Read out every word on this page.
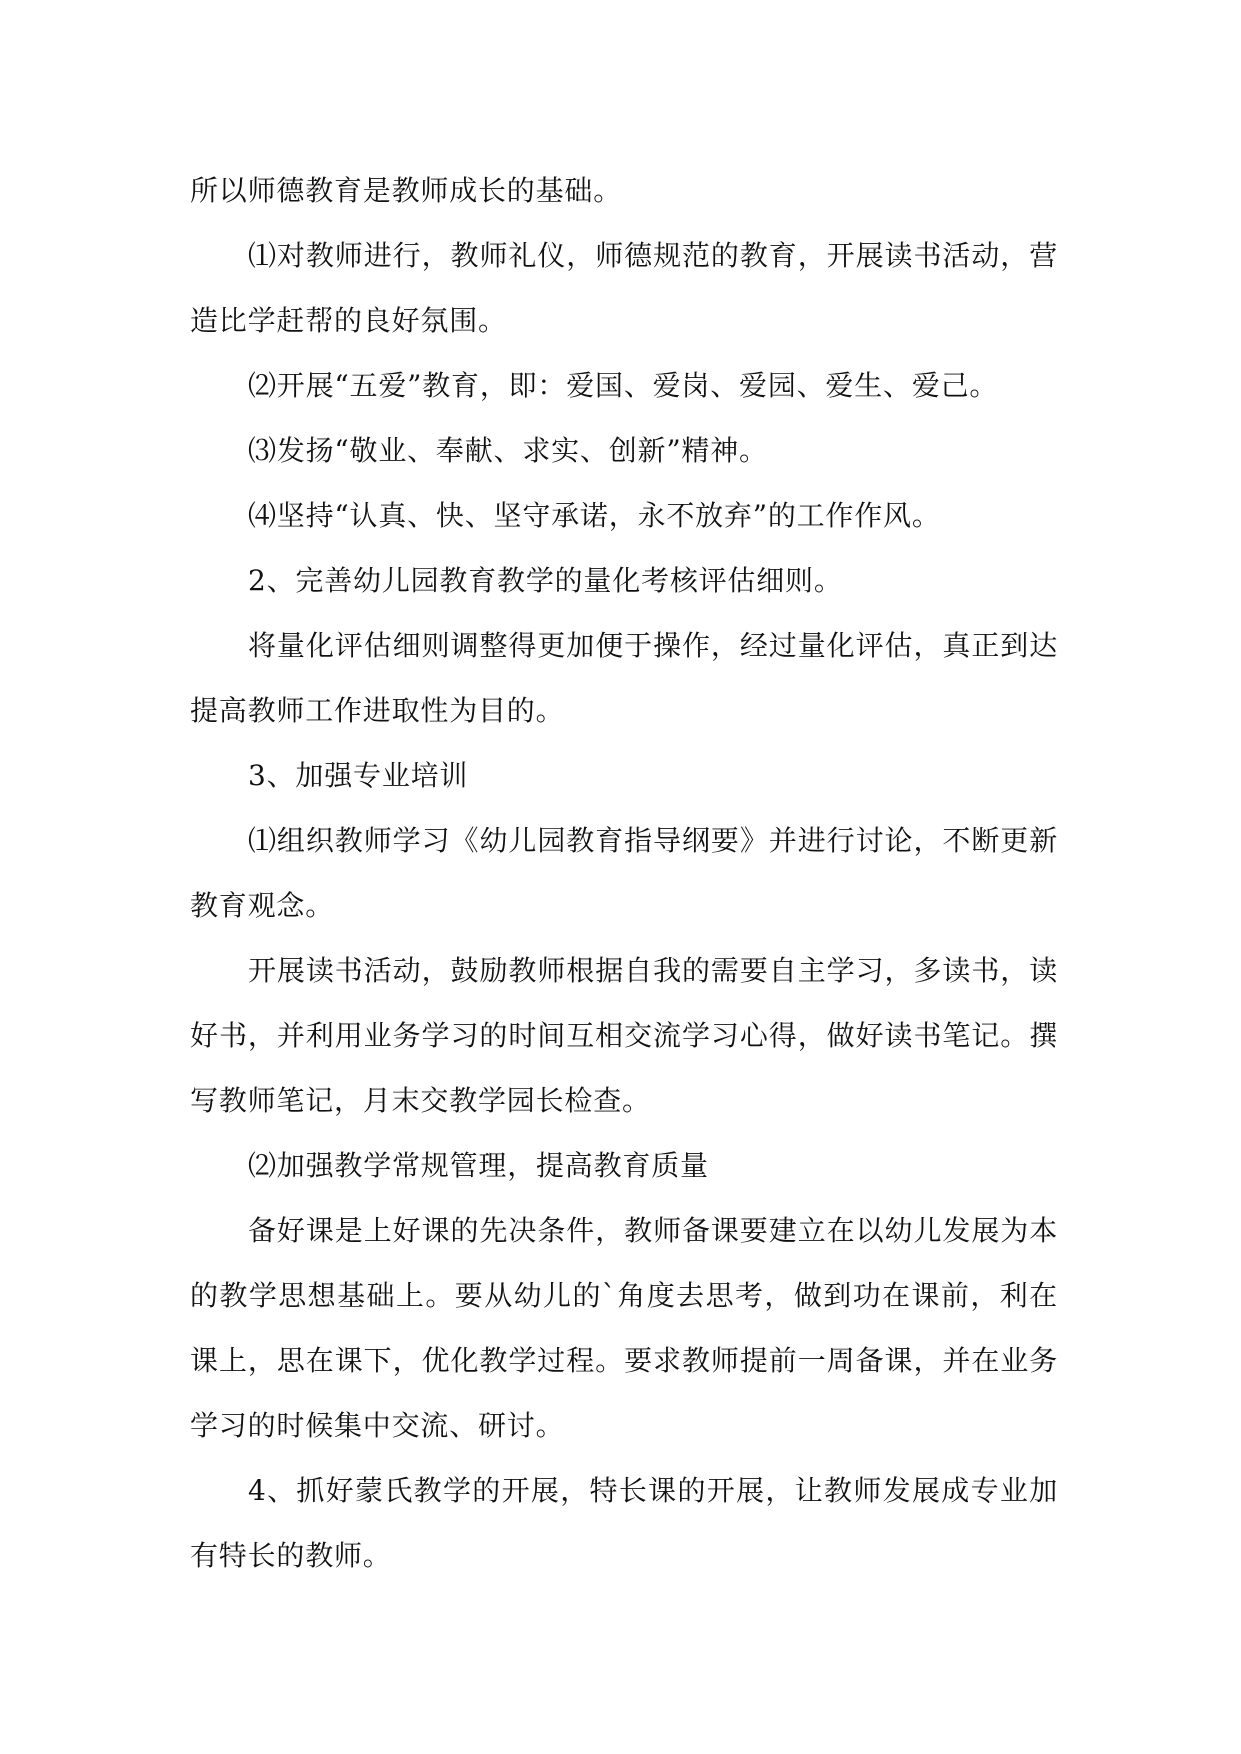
所以师德教育是教师成长的基础。

⑴对教师进行，教师礼仪，师德规范的教育，开展读书活动，营造比学赶帮的良好氛围。

⑵开展“五爱”教育，即：爱国、爱岗、爱园、爱生、爱己。

⑶发扬“敬业、奉献、求实、创新”精神。

⑷坚持“认真、快、坚守承诺，永不放弃”的工作作风。

2、完善幼儿园教育教学的量化考核评估细则。

将量化评估细则调整得更加便于操作，经过量化评估，真正到达提高教师工作进取性为目的。

3、加强专业培训

⑴组织教师学习《幼儿园教育指导纲要》并进行讨论，不断更新教育观念。

开展读书活动，鼓励教师根据自我的需要自主学习，多读书，读好书，并利用业务学习的时间互相交流学习心得，做好读书笔记。撰写教师笔记，月末交教学园长检查。

⑵加强教学常规管理，提高教育质量

备好课是上好课的先决条件，教师备课要建立在以幼儿发展为本的教学思想基础上。要从幼儿的`角度去思考，做到功在课前，利在课上，思在课下，优化教学过程。要求教师提前一周备课，并在业务学习的时候集中交流、研讨。

4、抓好蒙氏教学的开展，特长课的开展，让教师发展成专业加有特长的教师。
